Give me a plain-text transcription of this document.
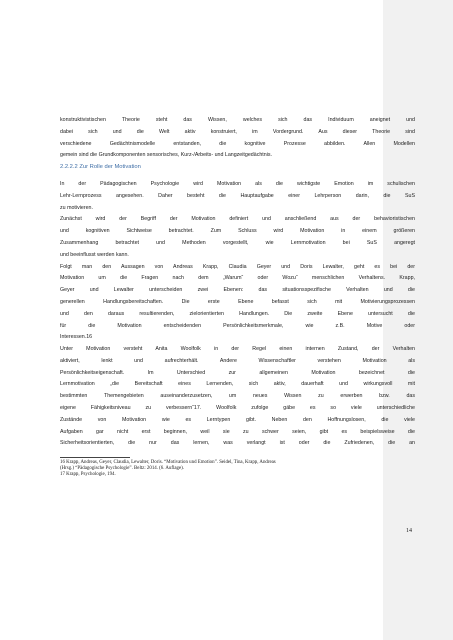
konstruktivistischen Theorie steht das Wissen, welches sich das Individuum aneignet und

dabei sich und die Welt aktiv konstruiert, im Vordergrund. Aus dieser Theorie sind

verschiedene Gedächtnismodelle entstanden, die kognitive Prozesse abbilden. Allen Modellen

gemein sind die Grundkomponenten sensorisches, Kurz-/Arbeits- und Langzeitgedächtnis.

2.2.2.2 Zur Rolle der Motivation

In der Pädagogischen Psychologie wird Motivation als die wichtigste Emotion im schulischen

Lehr-Lernprozess angesehen. Daher besteht die Hauptaufgabe einer Lehrperson darin, die SuS

zu motivieren.

Zunächst wird der Begriff der Motivation definiert und anschließend aus der behavioristischen

und kognitiven Sichtweise betrachtet. Zum Schluss wird Motivation in einem größeren

Zusammenhang betrachtet und Methoden vorgestellt, wie Lernmotivation bei SuS angeregt

und beeinflusst werden kann.

Folgt man den Aussagen von Andreas Krapp, Claudia Geyer und Doris Lewalter, geht es bei der

Motivation um die Fragen nach dem „Warum“ oder Wozu“ menschlichen Verhaltens. Krapp,

Geyer und Lewalter unterscheiden zwei Ebenen: das situationsspezifische Verhalten und die

generellen Handlungsbereitschaften. Die erste Ebene befasst sich mit Motivierungsprozessen

und den daraus resultierenden, zielorientierten Handlungen. Die zweite Ebene untersucht die

für die Motivation entscheidenden Persönlichkeitsmerkmale, wie z.B. Motive oder

Interessen.16

Unter Motivation versteht Anita Woolfolk in der Regel einen internen Zustand, der Verhalten

aktiviert, lenkt und aufrechterhält. Andere Wissenschaftler verstehen Motivation als

Persönlichkeitseigenschaft. Im Unterschied zur allgemeinen Motivation bezeichnet die

Lernmotivation „die Bereitschaft eines Lernenden, sich aktiv, dauerhaft und wirkungsvoll mit

bestimmten Themengebieten auseinanderzusetzen, um neues Wissen zu erwerben bzw. das

eigene Fähigkeitsniveau zu verbessern“17. Woolfolk zufolge gäbe es so viele unterschiedliche

Zustände von Motivation wie es Lerntypen gibt. Neben den Hoffnungslosen, die viele

Aufgaben gar nicht erst beginnen, weil sie zu schwer seien, gibt es beispielsweise die

Sicherheitsorientierten, die nur das lernen, was verlangt ist oder die Zufriedenen, die an

16 Krapp, Andreas, Geyer, Claudia, Lewalter, Doris. “Motivation und Emotion”. Seidel, Tina, Krapp, Andreas

(Hrsg.) “Pädagogische Psychologie”. Beltz: 2014. (6. Auflage).

17 Krapp, Psychologie, 194.

14
